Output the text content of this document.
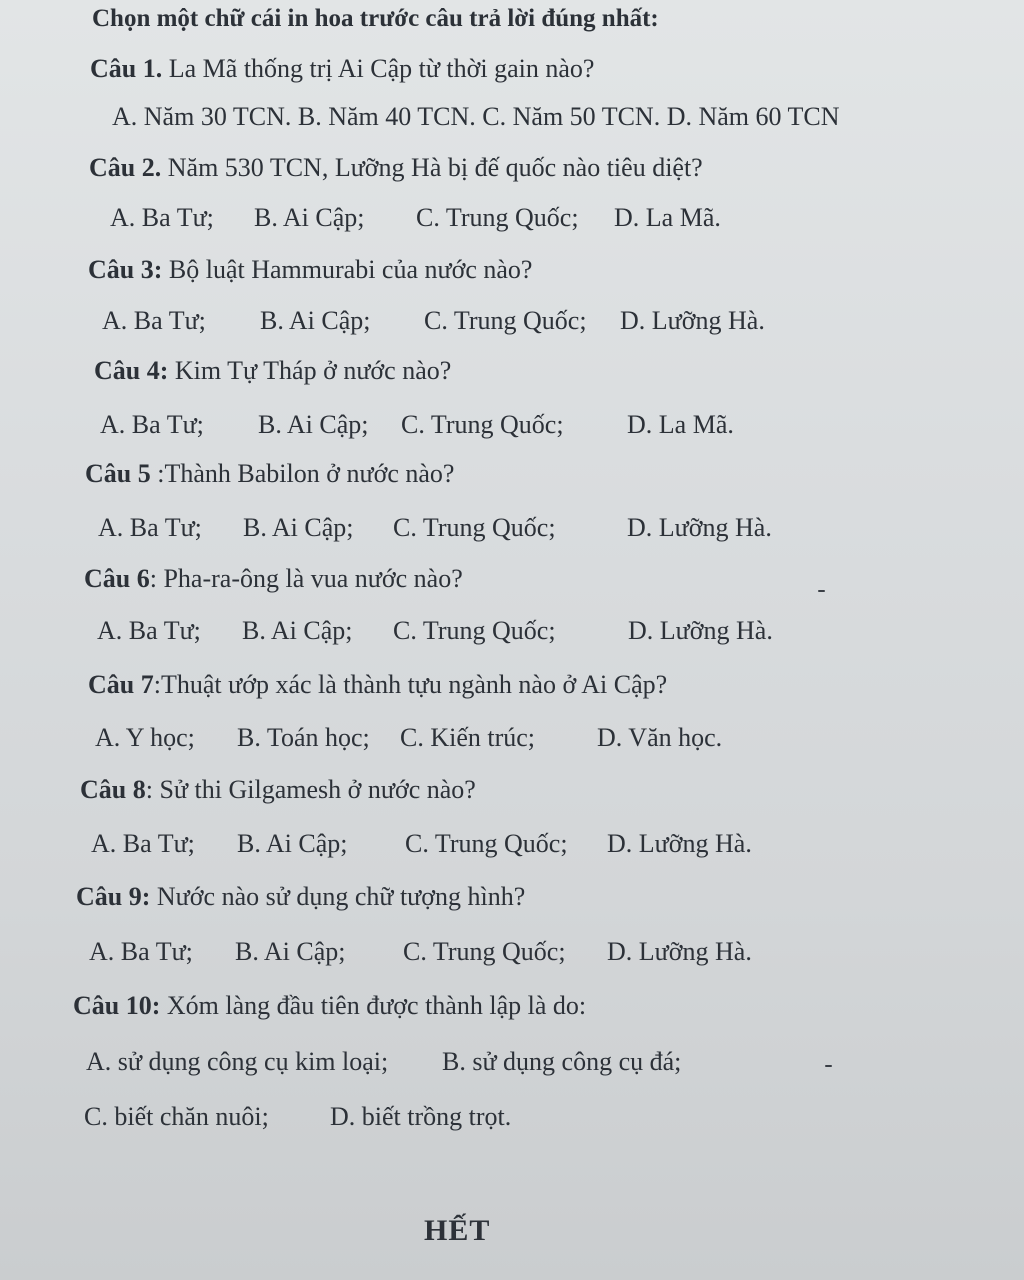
Chọn một chữ cái in hoa trước câu trả lời đúng nhất:
Câu 1. La Mã thống trị Ai Cập từ thời gain nào?
A. Năm 30 TCN. B. Năm 40 TCN. C. Năm 50 TCN. D. Năm 60 TCN
Câu 2. Năm 530 TCN, Lưỡng Hà bị đế quốc nào tiêu diệt?
A. Ba Tư; B. Ai Cập; C. Trung Quốc; D. La Mã.
Câu 3: Bộ luật Hammurabi của nước nào?
A. Ba Tư; B. Ai Cập; C. Trung Quốc; D. Lưỡng Hà.
Câu 4: Kim Tự Tháp ở nước nào?
A. Ba Tư; B. Ai Cập; C. Trung Quốc; D. La Mã.
Câu 5 :Thành Babilon ở nước nào?
A. Ba Tư; B. Ai Cập; C. Trung Quốc;	D. Lưỡng Hà.
Câu 6: Pha-ra-ông là vua nước nào?
A. Ba Tư; B. Ai Cập; C. Trung Quốc;	D. Lưỡng Hà.
Câu 7:Thuật ướp xác là thành tựu ngành nào ở Ai Cập?
A. Y học; B. Toán học; C. Kiến trúc; D. Văn học.
Câu 8: Sử thi Gilgamesh ở nước nào?
A. Ba Tư; B. Ai Cập; C. Trung Quốc; D. Lưỡng Hà.
Câu 9: Nước nào sử dụng chữ tượng hình?
A. Ba Tư; B. Ai Cập; C. Trung Quốc; D. Lưỡng Hà.
Câu 10: Xóm làng đầu tiên được thành lập là do:
A. sử dụng công cụ kim loại; B. sử dụng công cụ đá;
C. biết chăn nuôi; D. biết trồng trọt.
HẾT
